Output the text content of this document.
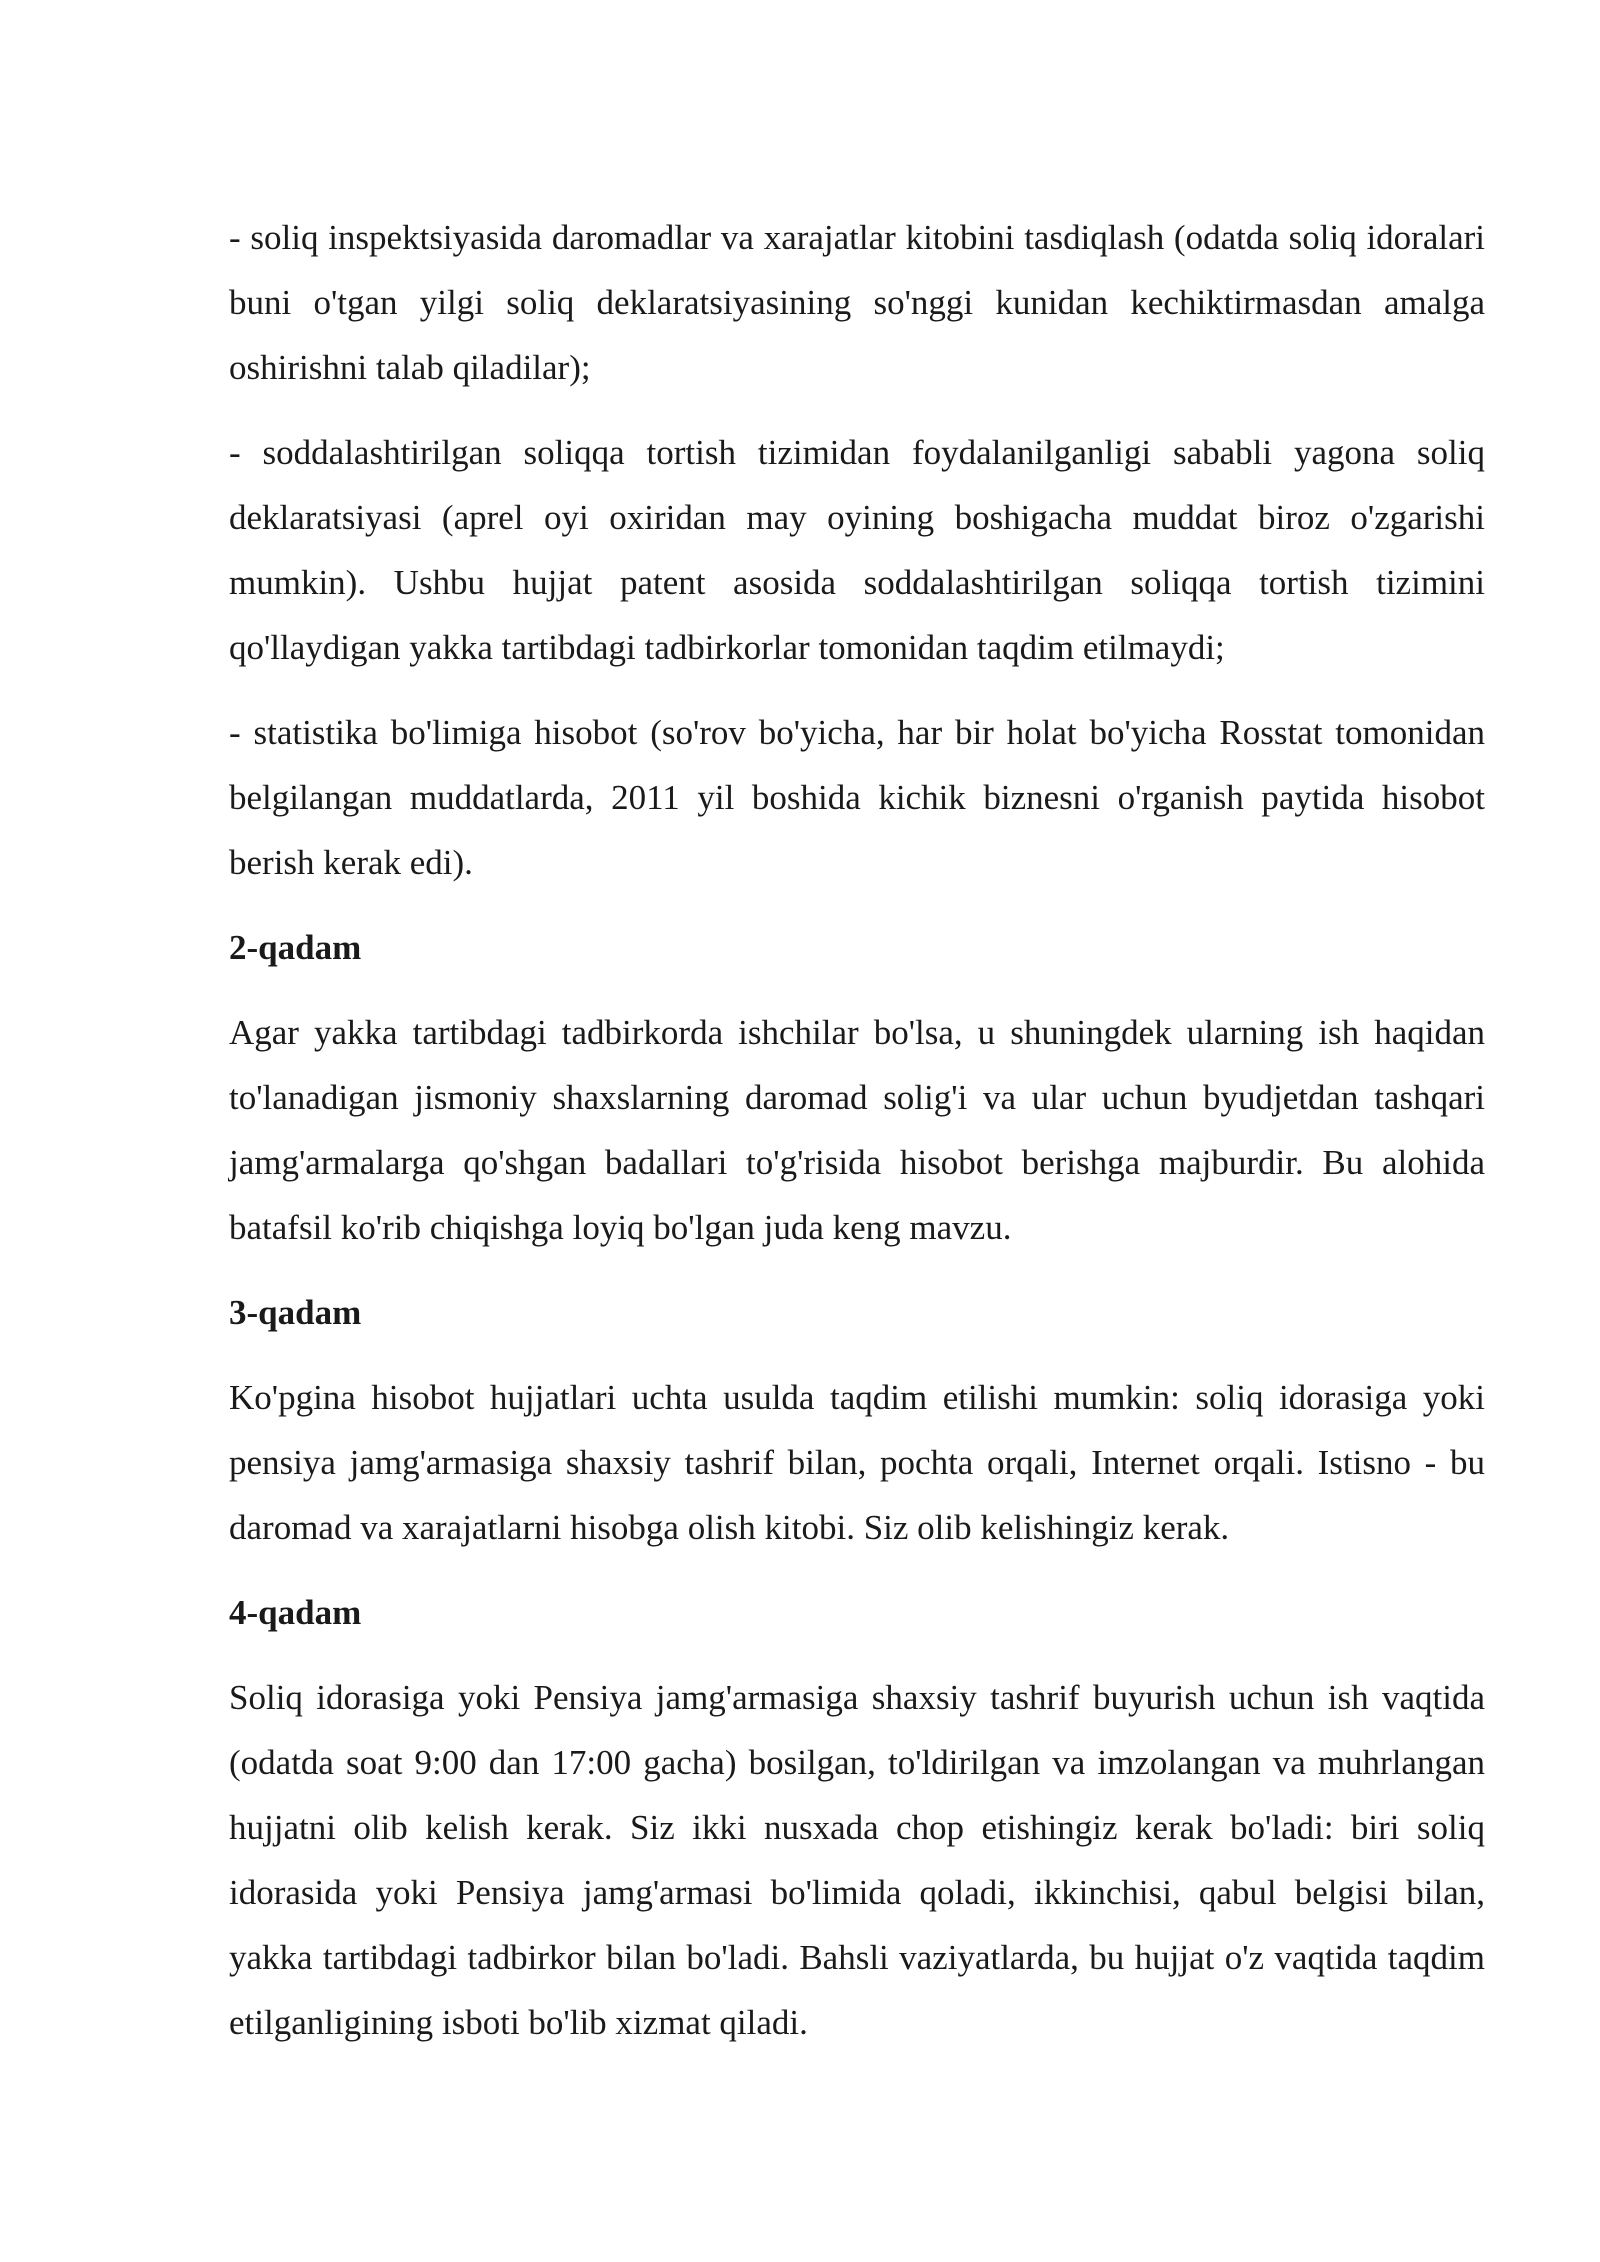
- soliq inspektsiyasida daromadlar va xarajatlar kitobini tasdiqlash (odatda soliq idoralari buni o'tgan yilgi soliq deklaratsiyasining so'nggi kunidan kechiktirmasdan amalga oshirishni talab qiladilar);

- soddalashtirilgan soliqqa tortish tizimidan foydalanilganligi sababli yagona soliq deklaratsiyasi (aprel oyi oxiridan may oyining boshigacha muddat biroz o'zgarishi mumkin). Ushbu hujjat patent asosida soddalashtirilgan soliqqa tortish tizimini qo'llaydigan yakka tartibdagi tadbirkorlar tomonidan taqdim etilmaydi;

- statistika bo'limiga hisobot (so'rov bo'yicha, har bir holat bo'yicha Rosstat tomonidan belgilangan muddatlarda, 2011 yil boshida kichik biznesni o'rganish paytida hisobot berish kerak edi).

2-qadam

Agar yakka tartibdagi tadbirkorda ishchilar bo'lsa, u shuningdek ularning ish haqidan to'lanadigan jismoniy shaxslarning daromad solig'i va ular uchun byudjetdan tashqari jamg'armalarga qo'shgan badallari to'g'risida hisobot berishga majburdir. Bu alohida batafsil ko'rib chiqishga loyiq bo'lgan juda keng mavzu.

3-qadam

Ko'pgina hisobot hujjatlari uchta usulda taqdim etilishi mumkin: soliq idorasiga yoki pensiya jamg'armasiga shaxsiy tashrif bilan, pochta orqali, Internet orqali. Istisno - bu daromad va xarajatlarni hisobga olish kitobi. Siz olib kelishingiz kerak.

4-qadam

Soliq idorasiga yoki Pensiya jamg'armasiga shaxsiy tashrif buyurish uchun ish vaqtida (odatda soat 9:00 dan 17:00 gacha) bosilgan, to'ldirilgan va imzolangan va muhrlangan hujjatni olib kelish kerak. Siz ikki nusxada chop etishingiz kerak bo'ladi: biri soliq idorasida yoki Pensiya jamg'armasi bo'limida qoladi, ikkinchisi, qabul belgisi bilan, yakka tartibdagi tadbirkor bilan bo'ladi. Bahsli vaziyatlarda, bu hujjat o'z vaqtida taqdim etilganligining isboti bo'lib xizmat qiladi.
